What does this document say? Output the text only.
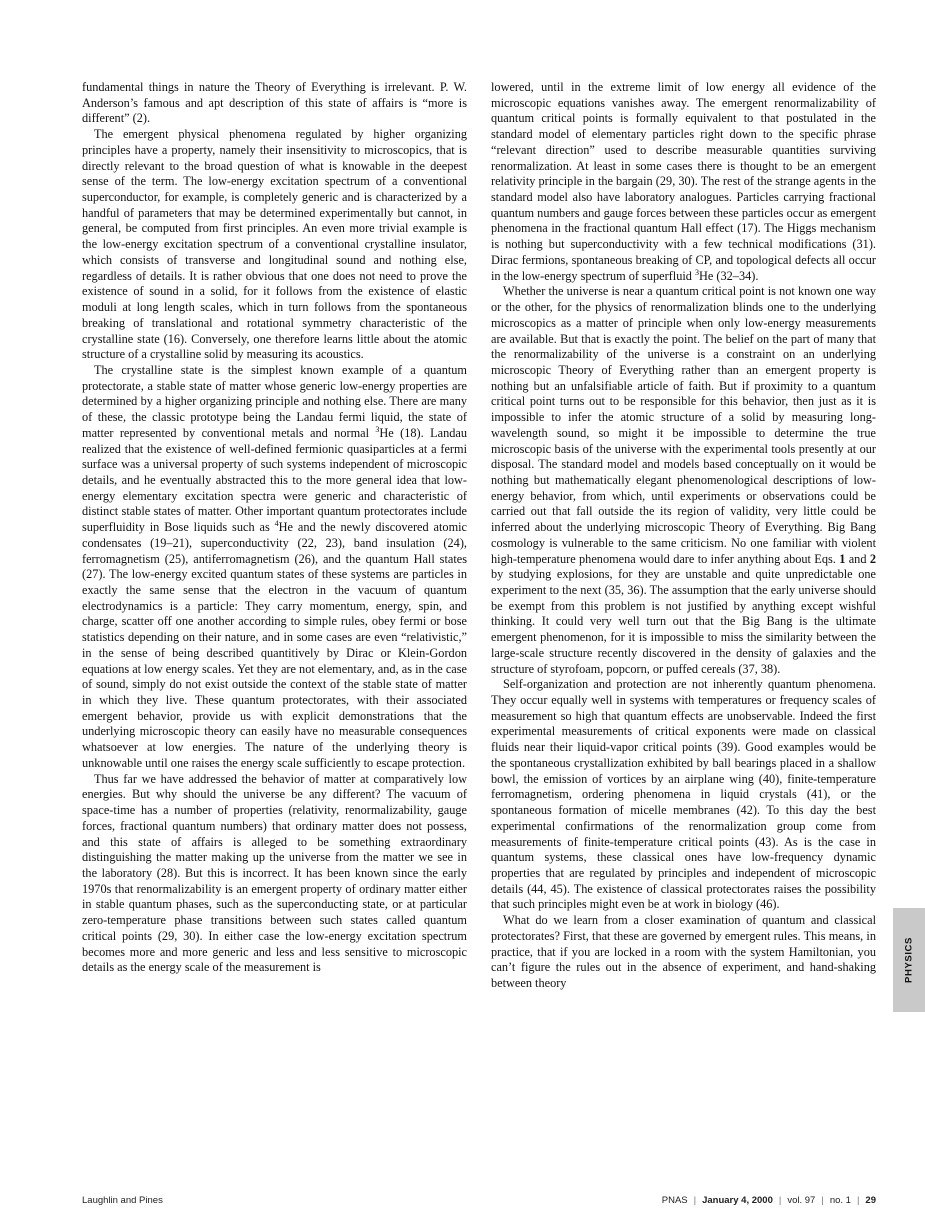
fundamental things in nature the Theory of Everything is irrelevant. P. W. Anderson’s famous and apt description of this state of affairs is “more is different” (2).

The emergent physical phenomena regulated by higher organizing principles have a property, namely their insensitivity to microscopics, that is directly relevant to the broad question of what is knowable in the deepest sense of the term. The low-energy excitation spectrum of a conventional superconductor, for example, is completely generic and is characterized by a handful of parameters that may be determined experimentally but cannot, in general, be computed from first principles. An even more trivial example is the low-energy excitation spectrum of a conventional crystalline insulator, which consists of transverse and longitudinal sound and nothing else, regardless of details. It is rather obvious that one does not need to prove the existence of sound in a solid, for it follows from the existence of elastic moduli at long length scales, which in turn follows from the spontaneous breaking of translational and rotational symmetry characteristic of the crystalline state (16). Conversely, one therefore learns little about the atomic structure of a crystalline solid by measuring its acoustics.

The crystalline state is the simplest known example of a quantum protectorate, a stable state of matter whose generic low-energy properties are determined by a higher organizing principle and nothing else. There are many of these, the classic prototype being the Landau fermi liquid, the state of matter represented by conventional metals and normal $^3$He (18). Landau realized that the existence of well-defined fermionic quasiparticles at a fermi surface was a universal property of such systems independent of microscopic details, and he eventually abstracted this to the more general idea that low-energy elementary excitation spectra were generic and characteristic of distinct stable states of matter. Other important quantum protectorates include superfluidity in Bose liquids such as $^4$He and the newly discovered atomic condensates (19–21), superconductivity (22, 23), band insulation (24), ferromagnetism (25), antiferromagnetism (26), and the quantum Hall states (27). The low-energy excited quantum states of these systems are particles in exactly the same sense that the electron in the vacuum of quantum electrodynamics is a particle: They carry momentum, energy, spin, and charge, scatter off one another according to simple rules, obey fermi or bose statistics depending on their nature, and in some cases are even “relativistic,” in the sense of being described quantitively by Dirac or Klein-Gordon equations at low energy scales. Yet they are not elementary, and, as in the case of sound, simply do not exist outside the context of the stable state of matter in which they live. These quantum protectorates, with their associated emergent behavior, provide us with explicit demonstrations that the underlying microscopic theory can easily have no measurable consequences whatsoever at low energies. The nature of the underlying theory is unknowable until one raises the energy scale sufficiently to escape protection.

Thus far we have addressed the behavior of matter at comparatively low energies. But why should the universe be any different? The vacuum of space-time has a number of properties (relativity, renormalizability, gauge forces, fractional quantum numbers) that ordinary matter does not possess, and this state of affairs is alleged to be something extraordinary distinguishing the matter making up the universe from the matter we see in the laboratory (28). But this is incorrect. It has been known since the early 1970s that renormalizability is an emergent property of ordinary matter either in stable quantum phases, such as the superconducting state, or at particular zero-temperature phase transitions between such states called quantum critical points (29, 30). In either case the low-energy excitation spectrum becomes more and more generic and less and less sensitive to microscopic details as the energy scale of the measurement is

lowered, until in the extreme limit of low energy all evidence of the microscopic equations vanishes away. The emergent renormalizability of quantum critical points is formally equivalent to that postulated in the standard model of elementary particles right down to the specific phrase “relevant direction” used to describe measurable quantities surviving renormalization. At least in some cases there is thought to be an emergent relativity principle in the bargain (29, 30). The rest of the strange agents in the standard model also have laboratory analogues. Particles carrying fractional quantum numbers and gauge forces between these particles occur as emergent phenomena in the fractional quantum Hall effect (17). The Higgs mechanism is nothing but superconductivity with a few technical modifications (31). Dirac fermions, spontaneous breaking of CP, and topological defects all occur in the low-energy spectrum of superfluid $^3$He (32–34).

Whether the universe is near a quantum critical point is not known one way or the other, for the physics of renormalization blinds one to the underlying microscopics as a matter of principle when only low-energy measurements are available. But that is exactly the point. The belief on the part of many that the renormalizability of the universe is a constraint on an underlying microscopic Theory of Everything rather than an emergent property is nothing but an unfalsifiable article of faith. But if proximity to a quantum critical point turns out to be responsible for this behavior, then just as it is impossible to infer the atomic structure of a solid by measuring long-wavelength sound, so might it be impossible to determine the true microscopic basis of the universe with the experimental tools presently at our disposal. The standard model and models based conceptually on it would be nothing but mathematically elegant phenomenological descriptions of low-energy behavior, from which, until experiments or observations could be carried out that fall outside the its region of validity, very little could be inferred about the underlying microscopic Theory of Everything. Big Bang cosmology is vulnerable to the same criticism. No one familiar with violent high-temperature phenomena would dare to infer anything about Eqs. 1 and 2 by studying explosions, for they are unstable and quite unpredictable one experiment to the next (35, 36). The assumption that the early universe should be exempt from this problem is not justified by anything except wishful thinking. It could very well turn out that the Big Bang is the ultimate emergent phenomenon, for it is impossible to miss the similarity between the large-scale structure recently discovered in the density of galaxies and the structure of styrofoam, popcorn, or puffed cereals (37, 38).

Self-organization and protection are not inherently quantum phenomena. They occur equally well in systems with temperatures or frequency scales of measurement so high that quantum effects are unobservable. Indeed the first experimental measurements of critical exponents were made on classical fluids near their liquid-vapor critical points (39). Good examples would be the spontaneous crystallization exhibited by ball bearings placed in a shallow bowl, the emission of vortices by an airplane wing (40), finite-temperature ferromagnetism, ordering phenomena in liquid crystals (41), or the spontaneous formation of micelle membranes (42). To this day the best experimental confirmations of the renormalization group come from measurements of finite-temperature critical points (43). As is the case in quantum systems, these classical ones have low-frequency dynamic properties that are regulated by principles and independent of microscopic details (44, 45). The existence of classical protectorates raises the possibility that such principles might even be at work in biology (46).

What do we learn from a closer examination of quantum and classical protectorates? First, that these are governed by emergent rules. This means, in practice, that if you are locked in a room with the system Hamiltonian, you can’t figure the rules out in the absence of experiment, and hand-shaking between theory

PHYSICS
Laughlin and Pines	PNAS | January 4, 2000 | vol. 97 | no. 1 | 29
